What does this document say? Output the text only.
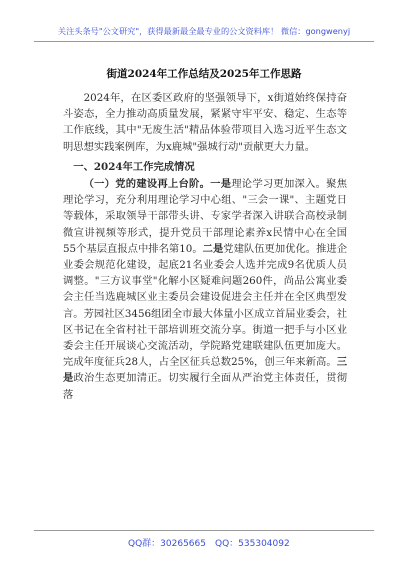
关注头条号"公文研究"，获得最新最全最专业的公文资料库！ 微信：gongwenyj
街道2024年工作总结及2025年工作思路

2024年，在区委区政府的坚强领导下，x街道始终保持奋斗姿态，全力推动高质量发展，紧紧守牢平安、稳定、生态等工作底线，其中"无废生活"精品体验带项目入选习近平生态文明思想实践案例库，为x鹿城"强城行动"贡献更大力量。

一、2024年工作完成情况

（一）党的建设再上台阶。一是理论学习更加深入。聚焦理论学习，充分利用理论学习中心组、"三会一课"、主题党日等载体，采取领导干部带头讲、专家学者深入讲联合高校录制微宣讲视频等形式，提升党员干部理论素养x民情中心在全国55个基层直报点中排名第10。二是党建队伍更加优化。推进企业委会规范化建设，起底21名业委会人选并完成9名优质人员调整。"三方议事堂"化解小区疑难问题260件，尚品公寓业委会主任当选鹿城区业主委员会建设促进会主任并在全区典型发言。芳园社区3456组团全市最大体量小区成立首届业委会，社区书记在全省村社干部培训班交流分享。街道一把手与小区业委会主任开展谈心交流活动，学院路党建联建队伍更加庞大。完成年度征兵28人，占全区征兵总数25%，创三年来新高。三是政治生态更加清正。切实履行全面从严治党主体责任，贯彻落

QQ群：30265665 QQ：535304092
